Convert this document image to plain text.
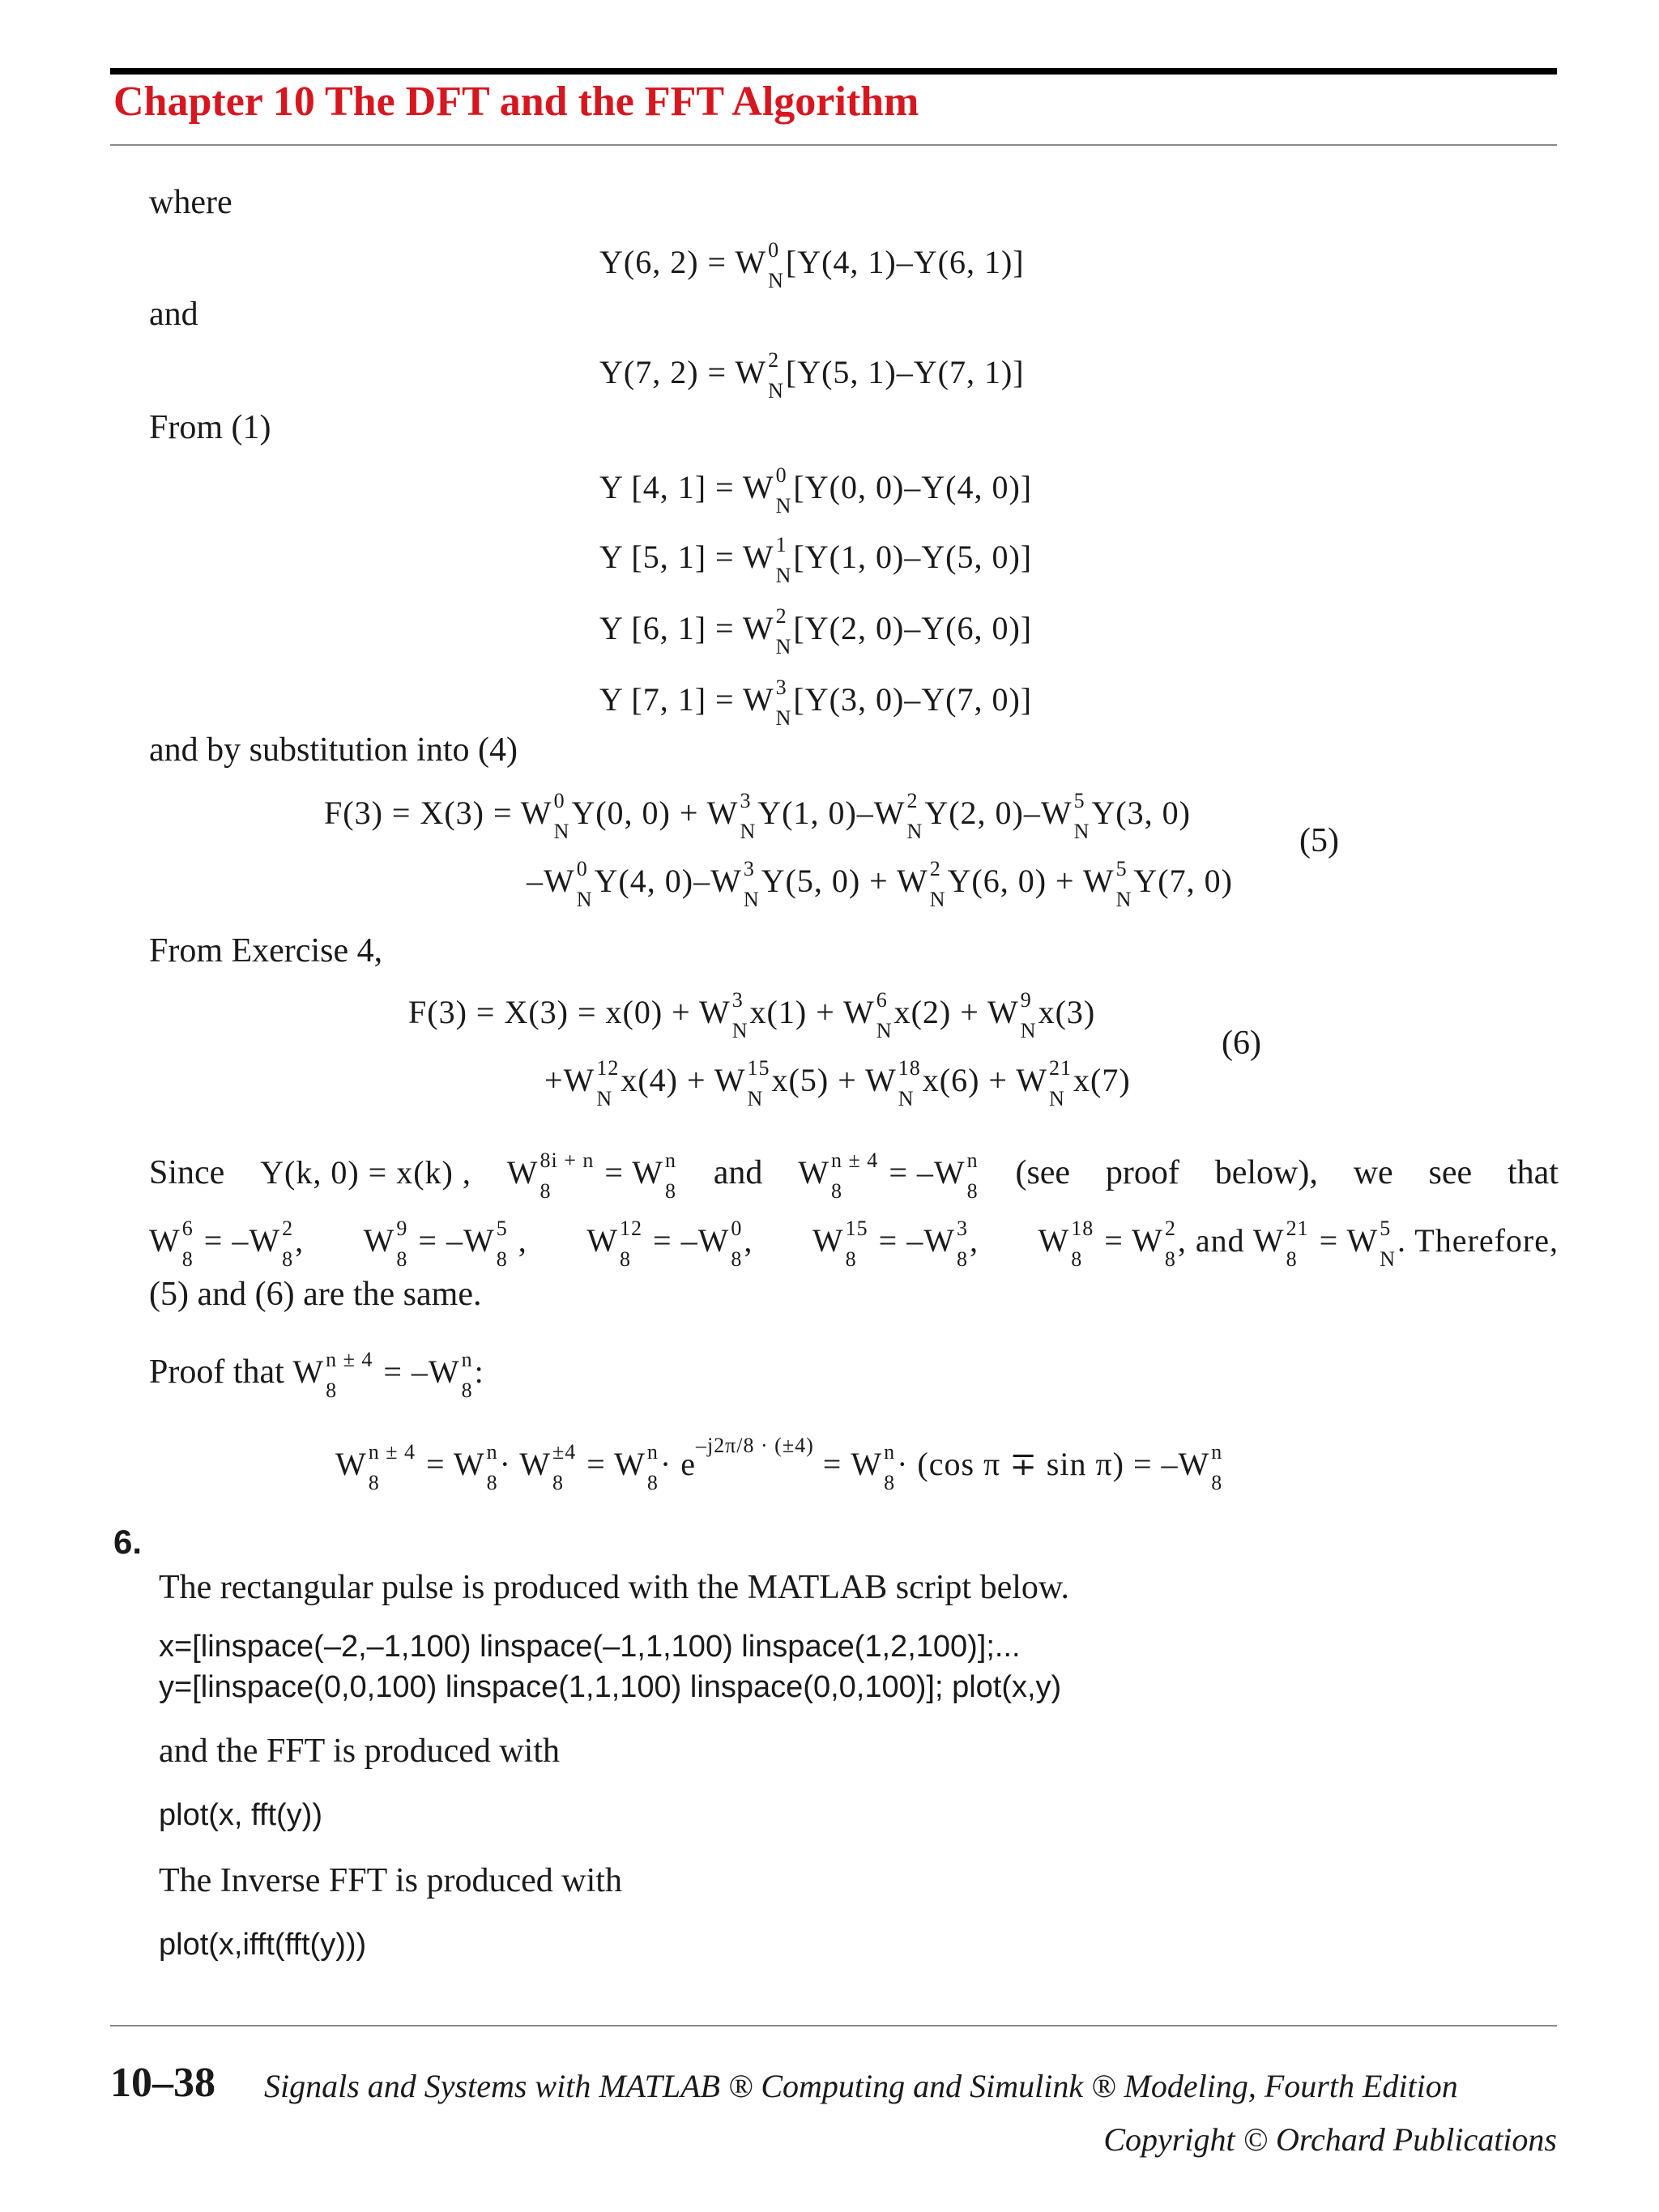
Chapter 10 The DFT and the FFT Algorithm
where
Y(6, 2) = W 0
N
[Y(4, 1)–Y(6, 1)]
and
Y(7, 2) = W 2
N
[Y(5, 1)–Y(7, 1)]
From (1)
Y [4, 1] = W 0
N
[Y(0, 0)–Y(4, 0)]
Y [5, 1] = W 1
N
[Y(1, 0)–Y(5, 0)]
Y [6, 1] = W 2
N
[Y(2, 0)–Y(6, 0)]
Y [7, 1] = W 3
N
[Y(3, 0)–Y(7, 0)]
and by substitution into (4)
F(3) = X(3) = W 0
N
Y(0, 0) + W 3
N
Y(1, 0)–W 2
N
Y(2, 0)–W 5
N
Y(3, 0)
–W 0
N
Y(4, 0)–W 3
N
Y(5, 0) + W 2
N
Y(6, 0) + W 5
N
Y(7, 0)
(5)
From Exercise 4,
F(3) = X(3) = x(0) + W 3
N
x(1) + W 6
N
x(2) + W 9
N
x(3)
+W 12
N
x(4) + W 15
N
x(5) + W 18
N
x(6) + W 21
N
x(7)
(6)
Since Y(k, 0) = x(k) , W 8i + n
8
= W n
8 and W n ± 4
8
= –W n
8 (see proof below), we see that
W 6
8
= –W 2
8
, W 9
8
= –W 5
8
, W 12
8
= –W 0
8
, W 15
8
= –W 3
8
, W 18
8
= W 2
8
, and W 21
8
= W 5
N
. Therefore,
(5) and (6) are the same.
Proof that W n ± 4
8
= –W n
8
:
W n ± 4
8
= W n
8
· W ±4
8
= W n
8
· $e^{-j2\pi/8 \cdot (\pm 4)} = W$ n
8
· (cos π ∓ sin π) = –W n
8
6.
The rectangular pulse is produced with the MATLAB script below.
x=[linspace(–2,–1,100) linspace(–1,1,100) linspace(1,2,100)];...
y=[linspace(0,0,100) linspace(1,1,100) linspace(0,0,100)]; plot(x,y)
and the FFT is produced with
plot(x, fft(y))
The Inverse FFT is produced with
plot(x,ifft(fft(y)))
10–38 Signals and Systems with MATLAB ® Computing and Simulink ® Modeling, Fourth Edition
Copyright © Orchard Publications
